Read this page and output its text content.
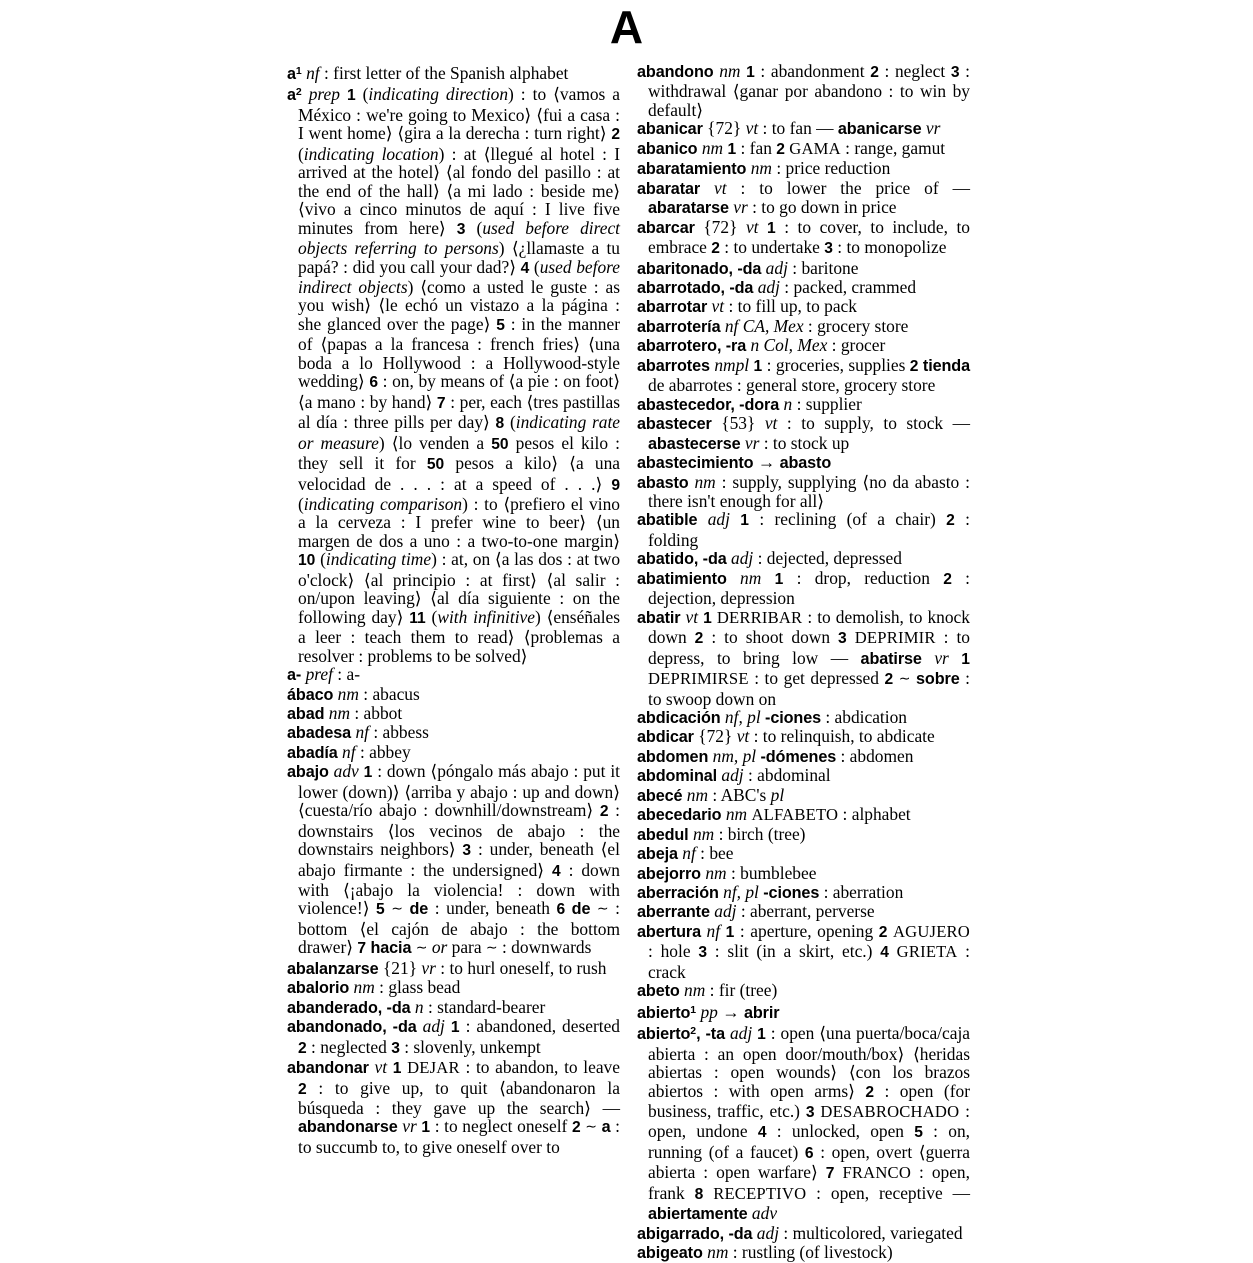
A
$a^1$ nf : first letter of the Spanish alphabet
$a^2$ prep 1 (indicating direction) : to ⟨vamos a México : we're going to Mexico⟩ ⟨fui a casa : I went home⟩ ⟨gira a la derecha : turn right⟩ 2 (indicating location) : at ⟨llegué al hotel : I arrived at the hotel⟩ ⟨al fondo del pasillo : at the end of the hall⟩ ⟨a mi lado : beside me⟩ ⟨vivo a cinco minutos de aquí : I live five minutes from here⟩ 3 (used before direct objects referring to persons) ⟨¿llamaste a tu papá? : did you call your dad?⟩ 4 (used before indirect objects) ⟨como a usted le guste : as you wish⟩ ⟨le echó un vistazo a la página : she glanced over the page⟩ 5 : in the manner of ⟨papas a la francesa : french fries⟩ ⟨una boda a lo Hollywood : a Hollywood-style wedding⟩ 6 : on, by means of ⟨a pie : on foot⟩ ⟨a mano : by hand⟩ 7 : per, each ⟨tres pastillas al día : three pills per day⟩ 8 (indicating rate or measure) ⟨lo venden a 50 pesos el kilo : they sell it for 50 pesos a kilo⟩ ⟨a una velocidad de . . . : at a speed of . . .⟩ 9 (indicating comparison) : to ⟨prefiero el vino a la cerveza : I prefer wine to beer⟩ ⟨un margen de dos a uno : a two-to-one margin⟩ 10 (indicating time) : at, on ⟨a las dos : at two o'clock⟩ ⟨al principio : at first⟩ ⟨al salir : on/upon leaving⟩ ⟨al día siguiente : on the following day⟩ 11 (with infinitive) ⟨enséñales a leer : teach them to read⟩ ⟨problemas a resolver : problems to be solved⟩
a- pref : a-
ábaco nm : abacus
abad nm : abbot
abadesa nf : abbess
abadía nf : abbey
abajo adv 1 : down ⟨póngalo más abajo : put it lower (down)⟩ ⟨arriba y abajo : up and down⟩ ⟨cuesta/río abajo : downhill/downstream⟩ 2 : downstairs ⟨los vecinos de abajo : the downstairs neighbors⟩ 3 : under, beneath ⟨el abajo firmante : the undersigned⟩ 4 : down with ⟨¡abajo la violencia! : down with violence!⟩ 5 ∼ de : under, beneath 6 de ∼ : bottom ⟨el cajón de abajo : the bottom drawer⟩ 7 hacia ∼ or para ∼ : downwards
abalanzarse {21} vr : to hurl oneself, to rush
abalorio nm : glass bead
abanderado, -da n : standard-bearer
abandonado, -da adj 1 : abandoned, deserted 2 : neglected 3 : slovenly, unkempt
abandonar vt 1 DEJAR : to abandon, to leave 2 : to give up, to quit ⟨abandonaron la búsqueda : they gave up the search⟩ — abandonarse vr 1 : to neglect oneself 2 ∼ a : to succumb to, to give oneself over to
abandono nm 1 : abandonment 2 : neglect 3 : withdrawal ⟨ganar por abandono : to win by default⟩
abanicar {72} vt : to fan — abanicarse vr
abanico nm 1 : fan 2 GAMA : range, gamut
abaratamiento nm : price reduction
abaratar vt : to lower the price of — abaratarse vr : to go down in price
abarcar {72} vt 1 : to cover, to include, to embrace 2 : to undertake 3 : to monopolize
abaritonado, -da adj : baritone
abarrotado, -da adj : packed, crammed
abarrotar vt : to fill up, to pack
abarrotería nf CA, Mex : grocery store
abarrotero, -ra n Col, Mex : grocer
abarrotes nmpl 1 : groceries, supplies 2 tienda de abarrotes : general store, grocery store
abastecedor, -dora n : supplier
abastecer {53} vt : to supply, to stock — abastecerse vr : to stock up
abastecimiento → abasto
abasto nm : supply, supplying ⟨no da abasto : there isn't enough for all⟩
abatible adj 1 : reclining (of a chair) 2 : folding
abatido, -da adj : dejected, depressed
abatimiento nm 1 : drop, reduction 2 : dejection, depression
abatir vt 1 DERRIBAR : to demolish, to knock down 2 : to shoot down 3 DEPRIMIR : to depress, to bring low — abatirse vr 1 DEPRIMIRSE : to get depressed 2 ∼ sobre : to swoop down on
abdicación nf, pl -ciones : abdication
abdicar {72} vt : to relinquish, to abdicate
abdomen nm, pl -dómenes : abdomen
abdominal adj : abdominal
abecé nm : ABC's pl
abecedario nm ALFABETO : alphabet
abedul nm : birch (tree)
abeja nf : bee
abejorro nm : bumblebee
aberración nf, pl -ciones : aberration
aberrante adj : aberrant, perverse
abertura nf 1 : aperture, opening 2 AGUJERO : hole 3 : slit (in a skirt, etc.) 4 GRIETA : crack
abeto nm : fir (tree)
abierto$^1$ pp → abrir
abierto$^2$, -ta adj 1 : open ⟨una puerta/boca/caja abierta : an open door/mouth/box⟩ ⟨heridas abiertas : open wounds⟩ ⟨con los brazos abiertos : with open arms⟩ 2 : open (for business, traffic, etc.) 3 DESABROCHADO : open, undone 4 : unlocked, open 5 : on, running (of a faucet) 6 : open, overt ⟨guerra abierta : open warfare⟩ 7 FRANCO : open, frank 8 RECEPTIVO : open, receptive — abiertamente adv
abigarrado, -da adj : multicolored, variegated
abigeato nm : rustling (of livestock)
